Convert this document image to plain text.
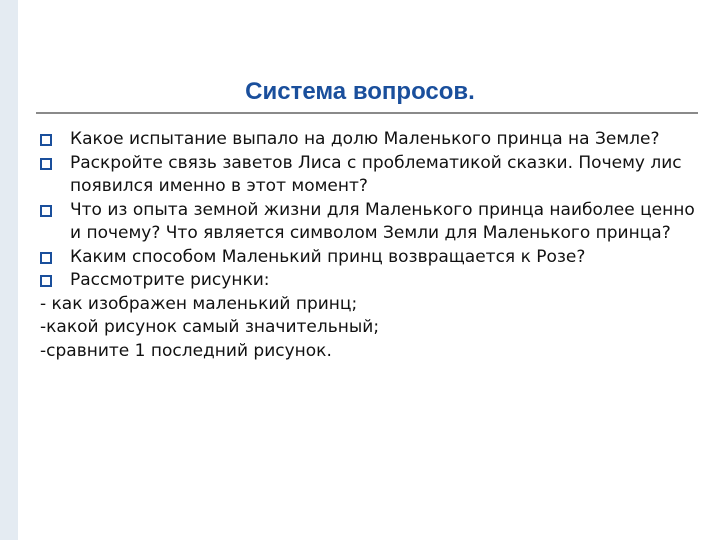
Система вопросов.
Какое испытание выпало на долю Маленького принца на Земле?
Раскройте связь заветов Лиса с проблематикой сказки. Почему лис появился именно в этот момент?
Что из опыта земной жизни для Маленького принца наиболее ценно и почему? Что является символом Земли для Маленького принца?
Каким способом Маленький принц возвращается к Розе?
Рассмотрите рисунки:
- как изображен маленький принц;
-какой рисунок самый значительный;
-сравните 1 последний рисунок.
